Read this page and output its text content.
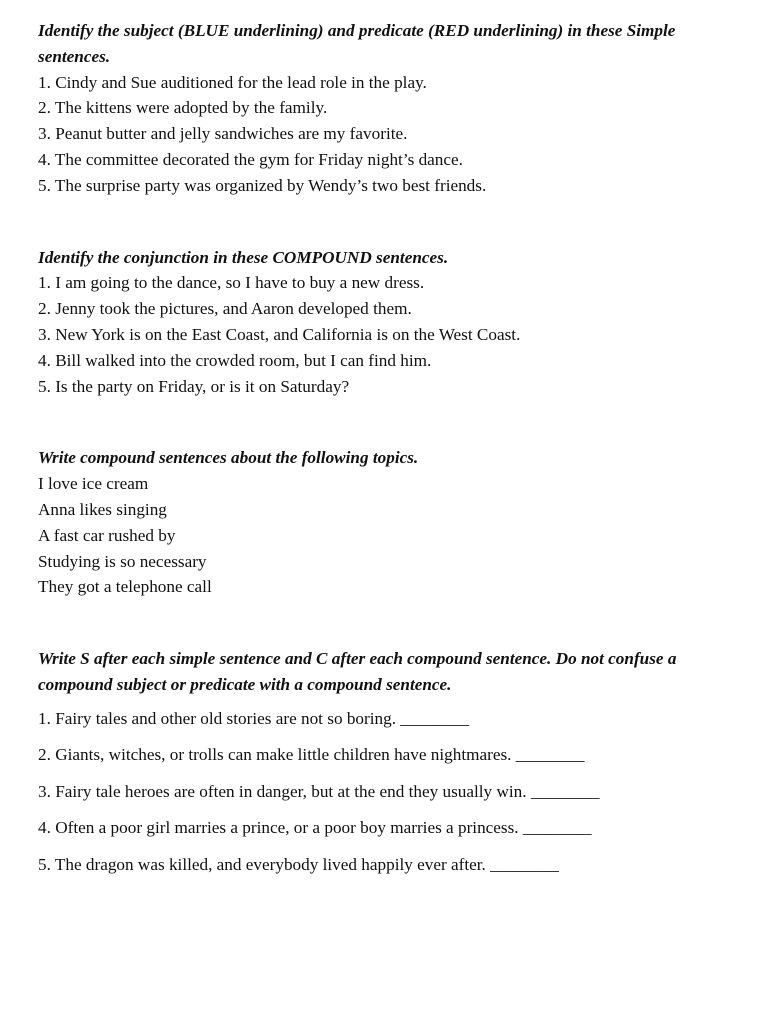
Identify the subject (BLUE underlining) and predicate (RED underlining) in these Simple sentences.
1. Cindy and Sue auditioned for the lead role in the play.
2. The kittens were adopted by the family.
3. Peanut butter and jelly sandwiches are my favorite.
4. The committee decorated the gym for Friday night’s dance.
5. The surprise party was organized by Wendy’s two best friends.
Identify the conjunction in these COMPOUND sentences.
1. I am going to the dance, so I have to buy a new dress.
2. Jenny took the pictures, and Aaron developed them.
3. New York is on the East Coast, and California is on the West Coast.
4. Bill walked into the crowded room, but I can find him.
5. Is the party on Friday, or is it on Saturday?
Write compound sentences about the following topics.
I love ice cream
Anna likes singing
A fast car rushed by
Studying is so necessary
They got a telephone call
Write S after each simple sentence and C after each compound sentence. Do not confuse a compound subject or predicate with a compound sentence.
1. Fairy tales and other old stories are not so boring. ________
2. Giants, witches, or trolls can make little children have nightmares. ________
3. Fairy tale heroes are often in danger, but at the end they usually win. ________
4. Often a poor girl marries a prince, or a poor boy marries a princess. ________
5. The dragon was killed, and everybody lived happily ever after. ________
